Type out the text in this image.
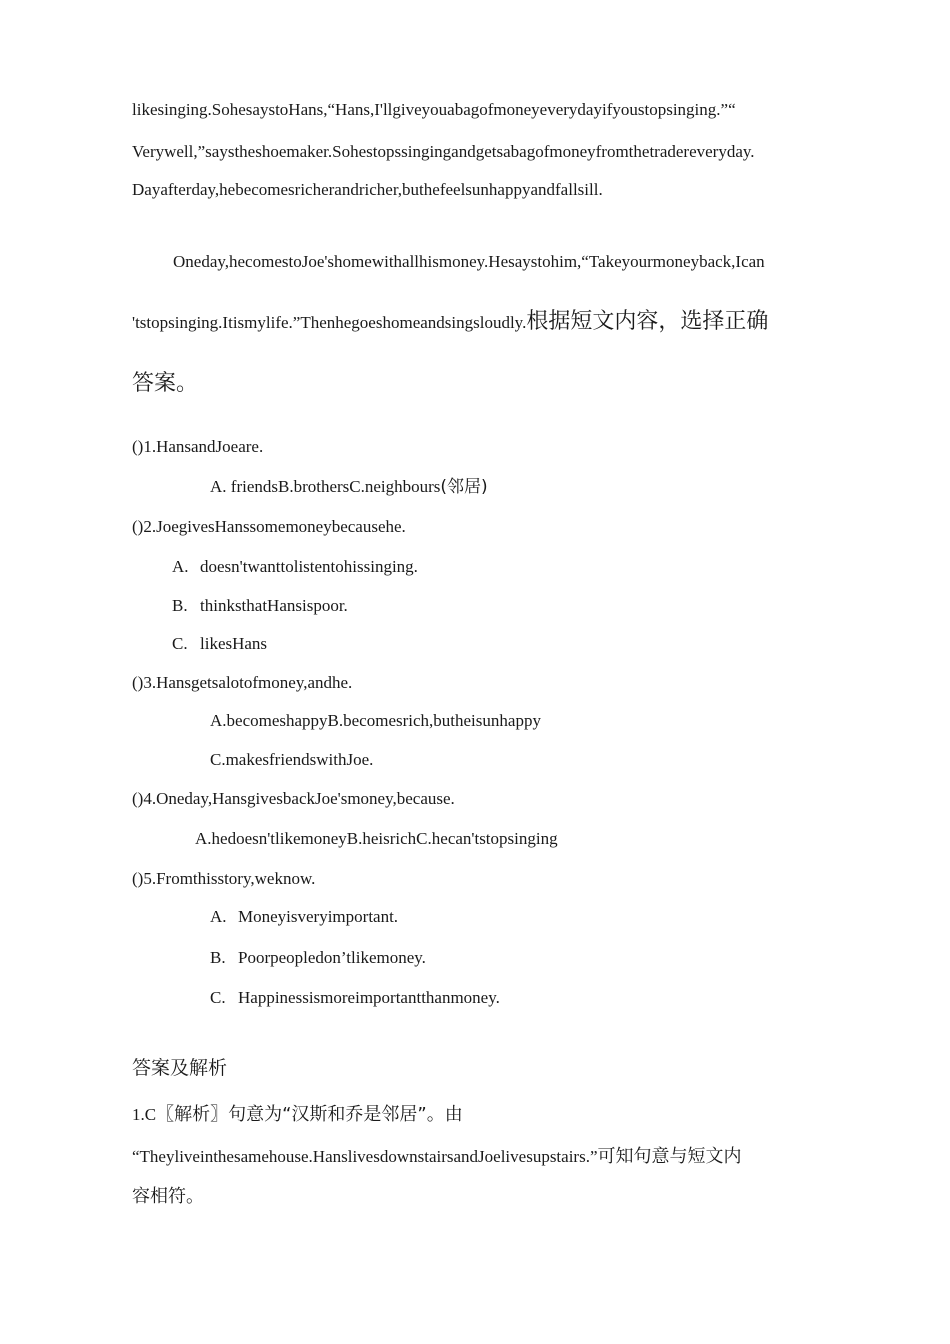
likesinging.SohesaystoHans,“Hans,I'llgiveyouabagofmoneyeverydayifyoustopsinging.”“
Verywell,”saystheshoemaker.Sohestopssingingandgetsabagofmoneyfromthetradereveryday.
Dayafterday,hebecomesricherandricher,buthefeelsunhappyandfallsill.
Oneday,hecomestoJoe'shomewithallhismoney.Hesaystohim,“Takeyourmoneyback,Ican
'tstopsinging.Itismylife.”Thenhegoeshomeandsingsloudly.根据短文内容，选择正确
答案。
()1.HansandJoeare.
A. friendsB.brothersC.neighbours(邻居)
()2.JoegivesHanssomemoneybecausehe.
A. doesn'twanttolistentohissinging.
B. thinksthatHansispoor.
C. likesHans
()3.Hansgetsalotofmoney,andhe.
A.becomeshappyB.becomesrich,butheisunhappy
C.makesfriendswithJoe.
()4.Oneday,HansgivesbackJoe'smoney,because.
A.hedoesn'tlikemoneyB.heisrichC.hecan'tstopsinging
()5.Fromthisstory,weknow.
A. Moneyisveryimportant.
B. Poorpeopledon’tlikemoney.
C. Happinessismoreimportantthanmoney.
答案及解析
1.C〖解析〗句意为“汉斯和乔是邻居”。由
“Theyliveinthesamehouse.HanslivesdownstairsandJoelivesupstairs.”可知句意与短文内
容相符。
